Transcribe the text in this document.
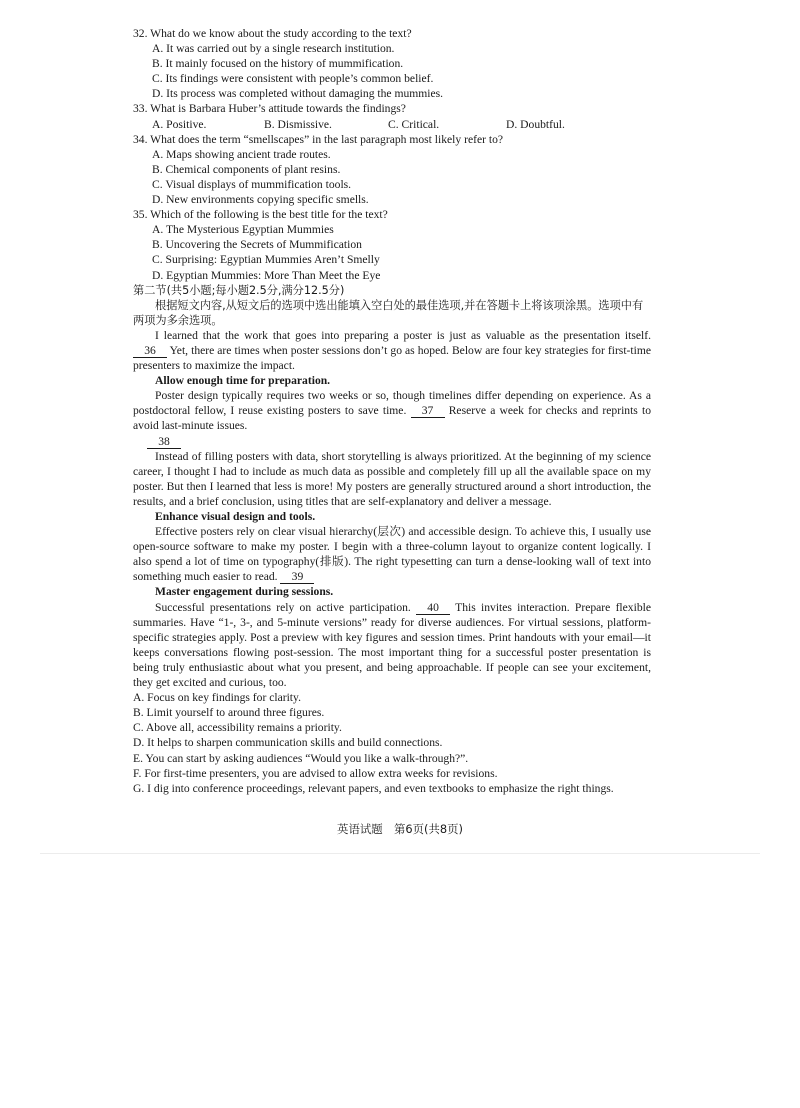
32. What do we know about the study according to the text?

A. It was carried out by a single research institution.

B. It mainly focused on the history of mummification.

C. Its findings were consistent with people’s common belief.

D. Its process was completed without damaging the mummies.

33. What is Barbara Huber’s attitude towards the findings?

A. Positive.	B. Dismissive.	C. Critical.	D. Doubtful.

34. What does the term “smellscapes” in the last paragraph most likely refer to?

A. Maps showing ancient trade routes.

B. Chemical components of plant resins.

C. Visual displays of mummification tools.

D. New environments copying specific smells.

35. Which of the following is the best title for the text?

A. The Mysterious Egyptian Mummies

B. Uncovering the Secrets of Mummification

C. Surprising: Egyptian Mummies Aren’t Smelly

D. Egyptian Mummies: More Than Meet the Eye

第二节(共5小题;每小题2.5分,满分12.5分)

根据短文内容,从短文后的选项中选出能填入空白处的最佳选项,并在答题卡上将该项涂黑。选项中有两项为多余选项。

I learned that the work that goes into preparing a poster is just as valuable as the presentation itself. 36 Yet, there are times when poster sessions don’t go as hoped. Below are four key strategies for first-time presenters to maximize the impact.

Allow enough time for preparation.

Poster design typically requires two weeks or so, though timelines differ depending on experience. As a postdoctoral fellow, I reuse existing posters to save time. 37 Reserve a week for checks and reprints to avoid last-minute issues.

38

Instead of filling posters with data, short storytelling is always prioritized. At the beginning of my science career, I thought I had to include as much data as possible and completely fill up all the available space on my poster. But then I learned that less is more! My posters are generally structured around a short introduction, the results, and a brief conclusion, using titles that are self-explanatory and deliver a message.

Enhance visual design and tools.

Effective posters rely on clear visual hierarchy(层次) and accessible design. To achieve this, I usually use open-source software to make my poster. I begin with a three-column layout to organize content logically. I also spend a lot of time on typography(排版). The right typesetting can turn a dense-looking wall of text into something much easier to read. 39

Master engagement during sessions.

Successful presentations rely on active participation. 40 This invites interaction. Prepare flexible summaries. Have “1-, 3-, and 5-minute versions” ready for diverse audiences. For virtual sessions, platform-specific strategies apply. Post a preview with key figures and session times. Print handouts with your email—it keeps conversations flowing post-session. The most important thing for a successful poster presentation is being truly enthusiastic about what you present, and being approachable. If people can see your excitement, they get excited and curious, too.

A. Focus on key findings for clarity.

B. Limit yourself to around three figures.

C. Above all, accessibility remains a priority.

D. It helps to sharpen communication skills and build connections.

E. You can start by asking audiences “Would you like a walk-through?”.

F. For first-time presenters, you are advised to allow extra weeks for revisions.

G. I dig into conference proceedings, relevant papers, and even textbooks to emphasize the right things.

英语试题　第6页(共8页)
